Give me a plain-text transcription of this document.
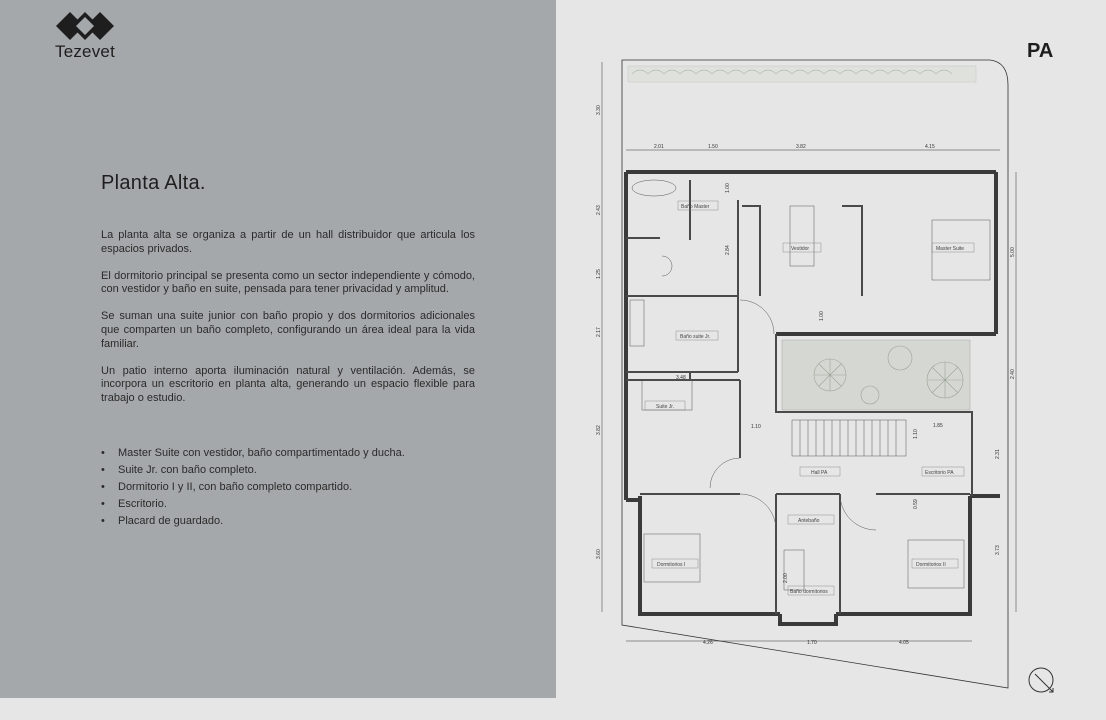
Tezevet
Planta Alta.

La planta alta se organiza a partir de un hall distribuidor que articula los espacios privados.

El dormitorio principal se presenta como un sector independiente y cómodo, con vestidor y baño en suite, pensada para tener privacidad y amplitud.

Se suman una suite junior con baño propio y dos dormitorios adicionales que comparten un baño completo, configurando un área ideal para la vida familiar.

Un patio interno aporta iluminación natural y ventilación. Además, se incorpora un escritorio en planta alta, generando un espacio flexible para trabajo o estudio.

• Master Suite con vestidor, baño compartimentado y ducha.
• Suite Jr. con baño completo.
• Dormitorio I y II, con baño completo compartido.
• Escritorio.
• Placard de guardado.
PA
Baño Master
Vestidor	Master Suite
Baño suite Jr.
Suite Jr.
Hall PA	Escritorio PA
Antebaño
Baño dormitorios
Dormitorios I	Dormitorios II
2.01	1.50	3.82	4.15
3.30
2.43
1.25
2.17
3.82
3.60
5.00
2.40
2.31
3.73
4.26	1.70	4.05
1.00
2.84
1.00
3.48
1.10	1.85
1.10
0.59
2.00
